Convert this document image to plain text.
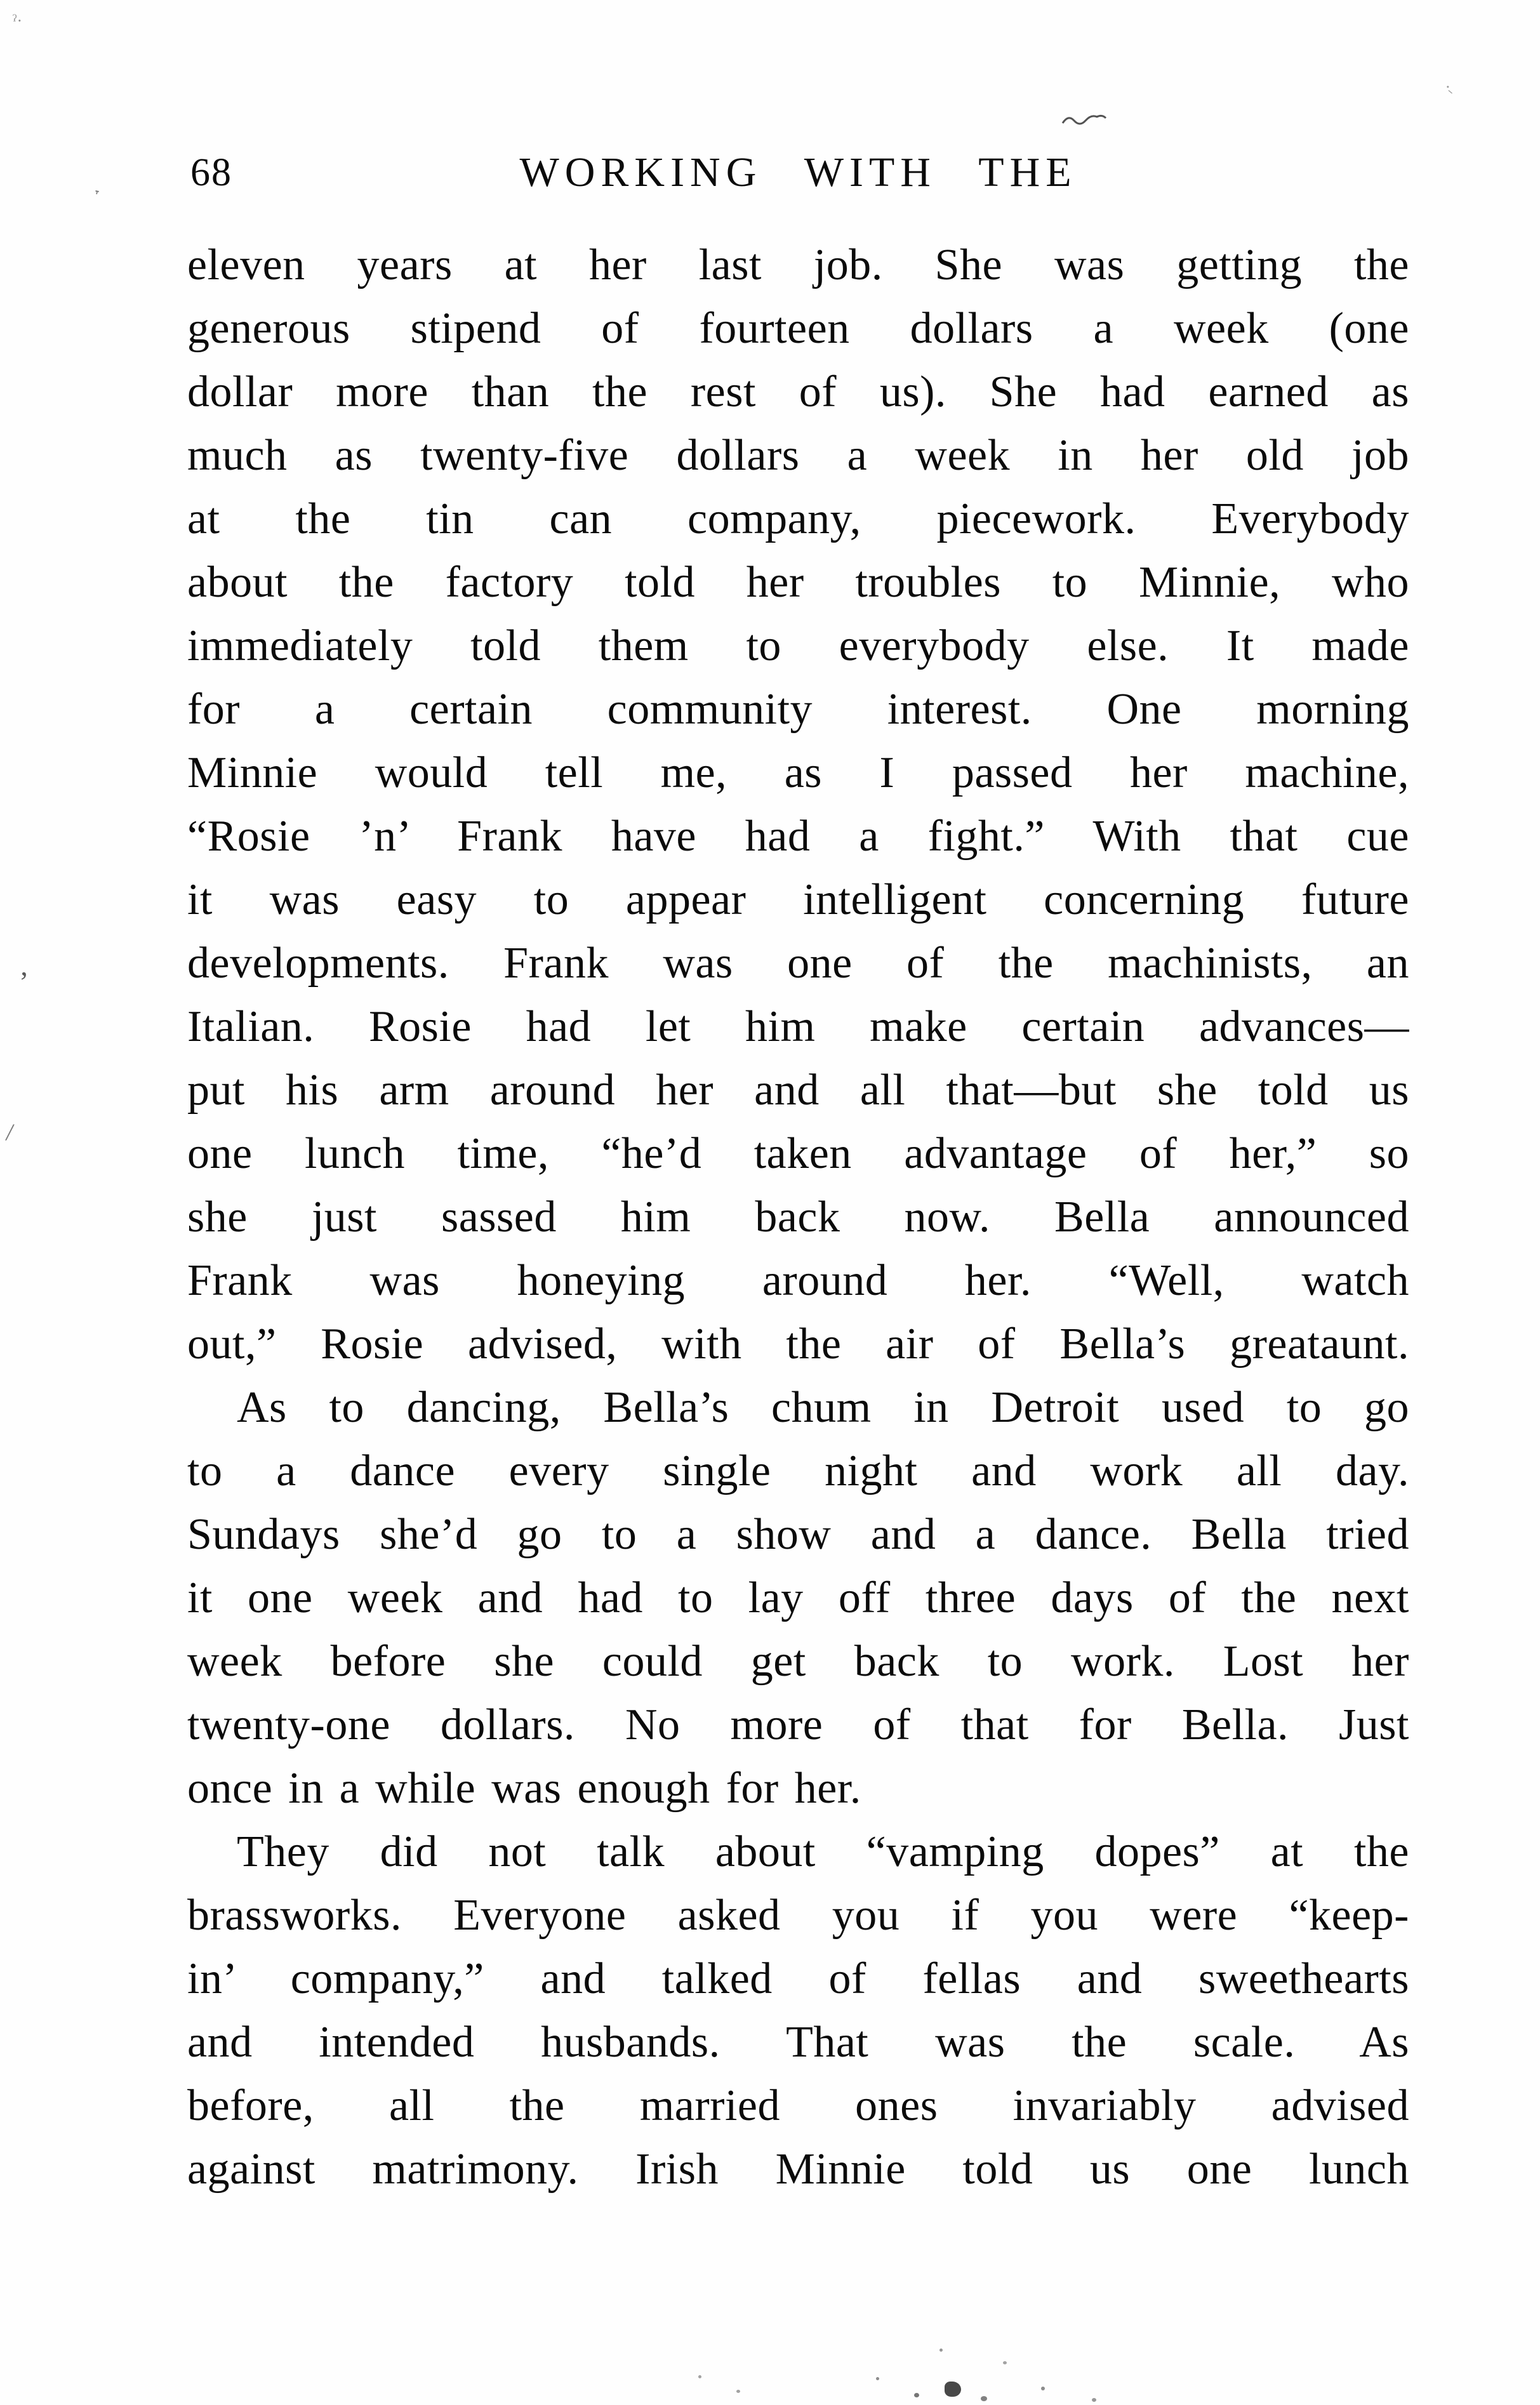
68	WORKING WITH THE
eleven years at her last job. She was getting the
generous stipend of fourteen dollars a week (one
dollar more than the rest of us). She had earned as
much as twenty-five dollars a week in her old job
at the tin can company, piecework. Everybody
about the factory told her troubles to Minnie, who
immediately told them to everybody else. It made
for a certain community interest. One morning
Minnie would tell me, as I passed her machine,
“Rosie ’n’ Frank have had a fight.” With that cue
it was easy to appear intelligent concerning future
developments. Frank was one of the machinists, an
Italian. Rosie had let him make certain advances—
put his arm around her and all that—but she told us
one lunch time, “he’d taken advantage of her,” so
she just sassed him back now. Bella announced
Frank was honeying around her. “Well, watch
out,” Rosie advised, with the air of Bella’s greataunt.
As to dancing, Bella’s chum in Detroit used to go
to a dance every single night and work all day.
Sundays she’d go to a show and a dance. Bella tried
it one week and had to lay off three days of the next
week before she could get back to work. Lost her
twenty-one dollars. No more of that for Bella. Just
once in a while was enough for her.
They did not talk about “vamping dopes” at the
brassworks. Everyone asked you if you were “keep-
in’ company,” and talked of fellas and sweethearts
and intended husbands. That was the scale. As
before, all the married ones invariably advised
against matrimony. Irish Minnie told us one lunch
˕
’
/
ˀ·
․ˍ
